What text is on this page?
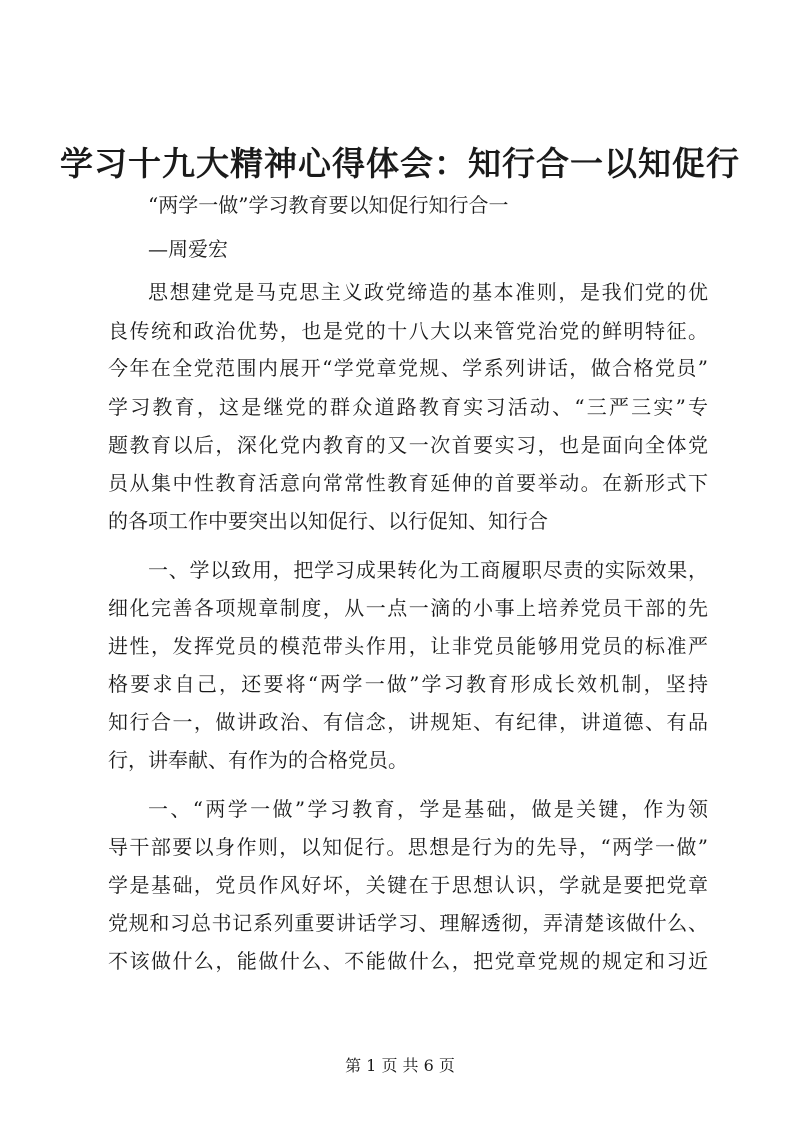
学习十九大精神心得体会：知行合一以知促行
“两学一做”学习教育要以知促行知行合一
—周爱宏
思想建党是马克思主义政党缔造的基本准则，是我们党的优
良传统和政治优势，也是党的十八大以来管党治党的鲜明特征。
今年在全党范围内展开“学党章党规、学系列讲话，做合格党员”
学习教育，这是继党的群众道路教育实习活动、“三严三实”专
题教育以后，深化党内教育的又一次首要实习，也是面向全体党
员从集中性教育活意向常常性教育延伸的首要举动。在新形式下
的各项工作中要突出以知促行、以行促知、知行合
一、学以致用，把学习成果转化为工商履职尽责的实际效果，
细化完善各项规章制度，从一点一滴的小事上培养党员干部的先
进性，发挥党员的模范带头作用，让非党员能够用党员的标准严
格要求自己，还要将“两学一做”学习教育形成长效机制，坚持
知行合一，做讲政治、有信念，讲规矩、有纪律，讲道德、有品
行，讲奉献、有作为的合格党员。
一、“两学一做”学习教育，学是基础，做是关键，作为领
导干部要以身作则，以知促行。思想是行为的先导，“两学一做”
学是基础，党员作风好坏，关键在于思想认识，学就是要把党章
党规和习总书记系列重要讲话学习、理解透彻，弄清楚该做什么、
不该做什么，能做什么、不能做什么，把党章党规的规定和习近
第 1 页 共 6 页
